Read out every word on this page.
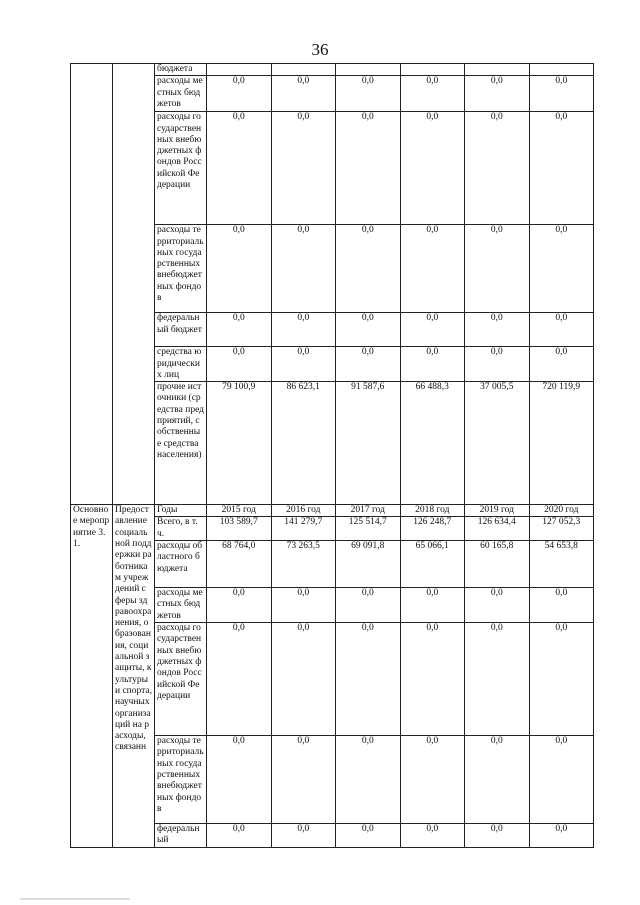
36
		бюджета						
		расходы местных бюджетов	0,0	0,0	0,0	0,0	0,0	0,0
		расходы государственных внебюджетных фондов Российской Федерации	0,0	0,0	0,0	0,0	0,0	0,0
		расходы территориальных государственных внебюджетных фондов	0,0	0,0	0,0	0,0	0,0	0,0
		федеральный бюджет	0,0	0,0	0,0	0,0	0,0	0,0
		средства юридических лиц	0,0	0,0	0,0	0,0	0,0	0,0
		прочие источники (средства предприятий, собственные средства населения)	79 100,9	86 623,1	91 587,6	66 488,3	37 005,5	720 119,9
Основное мероприятие 3.1.	Предоставление социальной поддержки работникам учреждений сферы здравоохранения, образования, социальной защиты, культуры и спорта, научных организаций на расходы, связанн	Годы	2015 год	2016 год	2017 год	2018 год	2019 год	2020 год
		Всего, в т.ч.	103 589,7	141 279,7	125 514,7	126 248,7	126 634,4	127 052,3
		расходы областного бюджета	68 764,0	73 263,5	69 091,8	65 066,1	60 165,8	54 653,8
		расходы местных бюджетов	0,0	0,0	0,0	0,0	0,0	0,0
		расходы государственных внебюджетных фондов Российской Федерации	0,0	0,0	0,0	0,0	0,0	0,0
		расходы территориальных государственных внебюджетных фондов	0,0	0,0	0,0	0,0	0,0	0,0
		федеральный	0,0	0,0	0,0	0,0	0,0	0,0
